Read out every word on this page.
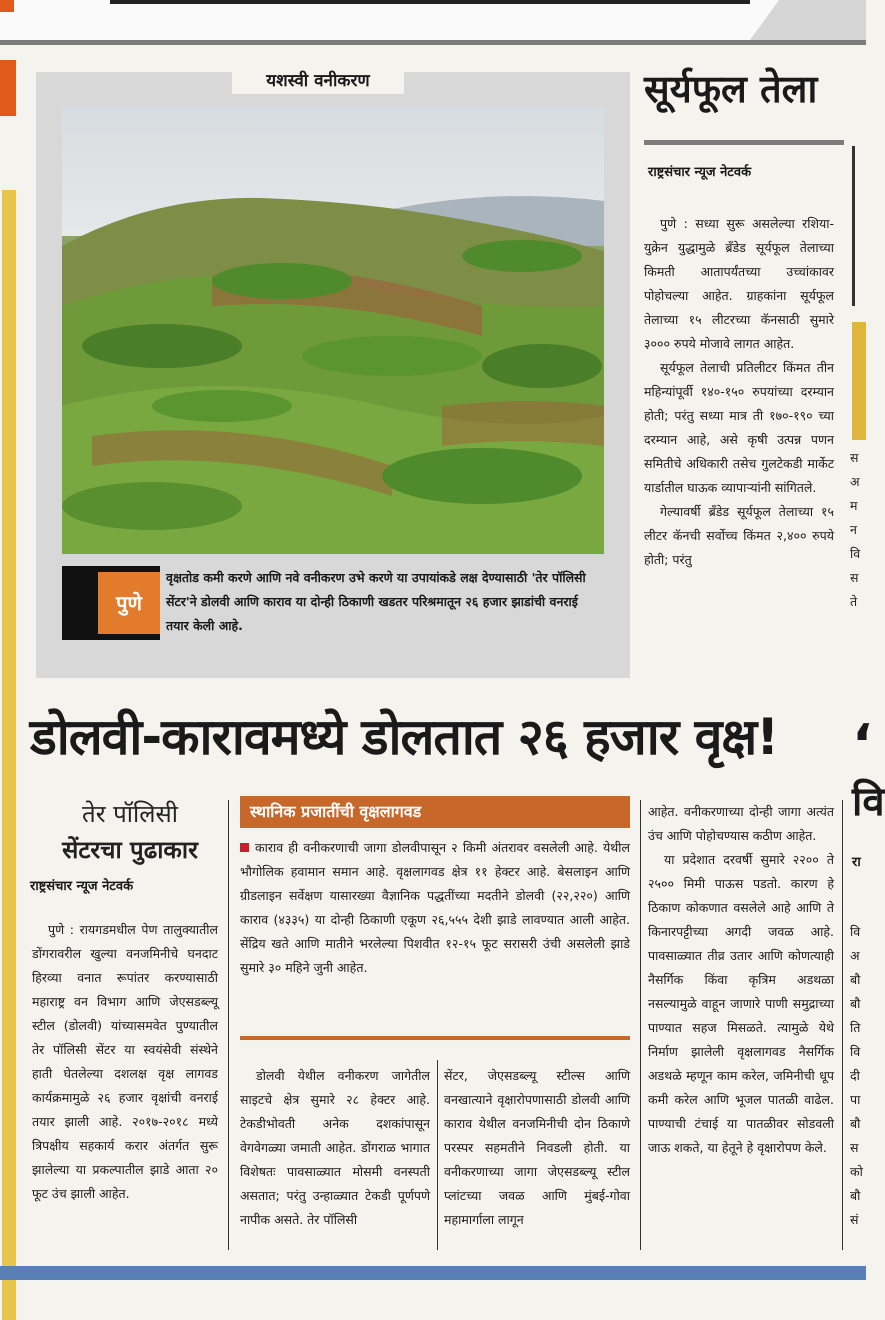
यशस्वी वनीकरण
पुणे
वृक्षतोड कमी करणे आणि नवे वनीकरण उभे करणे या उपायांकडे लक्ष देण्यासाठी 'तेर पॉलिसी सेंटर'ने डोलवी आणि काराव या दोन्ही ठिकाणी खडतर परिश्रमातून २६ हजार झाडांची वनराई तयार केली आहे.
सूर्यफूल तेला
राष्ट्रसंचार न्यूज नेटवर्क

पुणे : सध्या सुरू असलेल्या रशिया-युक्रेन युद्धामुळे ब्रँडेड सूर्यफूल तेलाच्या किमती आतापर्यंतच्या उच्चांकावर पोहोचल्या आहेत. ग्राहकांना सूर्यफूल तेलाच्या १५ लीटरच्या कॅनसाठी सुमारे ३००० रुपये मोजावे लागत आहेत.

सूर्यफूल तेलाची प्रतिलीटर किंमत तीन महिन्यांपूर्वी १४०-१५० रुपयांच्या दरम्यान होती; परंतु सध्या मात्र ती १७०-१९० च्या दरम्यान आहे, असे कृषी उत्पन्न पणन समितीचे अधिकारी तसेच गुलटेकडी मार्केट यार्डातील घाऊक व्यापाऱ्यांनी सांगितले.

गेल्यावर्षी ब्रँडेड सूर्यफूल तेलाच्या १५ लीटर कॅनची सर्वोच्च किंमत २,४०० रुपये होती; परंतु

स
अ
म
न
वि
स
ते
डोलवी-कारावमध्ये डोलतात २६ हजार वृक्ष!	‘
तेर पॉलिसी
सेंटरचा पुढाकार
राष्ट्रसंचार न्यूज नेटवर्क

पुणे : रायगडमधील पेण तालुक्यातील डोंगरावरील खुल्या वनजमिनीचे घनदाट हिरव्या वनात रूपांतर करण्यासाठी महाराष्ट्र वन विभाग आणि जेएसडब्ल्यू स्टील (डोलवी) यांच्यासमवेत पुण्यातील तेर पॉलिसी सेंटर या स्वयंसेवी संस्थेने हाती घेतलेल्या दशलक्ष वृक्ष लागवड कार्यक्रमामुळे २६ हजार वृक्षांची वनराई तयार झाली आहे. २०१७-२०१८ मध्ये त्रिपक्षीय सहकार्य करार अंतर्गत सुरू झालेल्या या प्रकल्पातील झाडे आता २० फूट उंच झाली आहेत.

स्थानिक प्रजातींची वृक्षलागवड
काराव ही वनीकरणाची जागा डोलवीपासून २ किमी अंतरावर वसलेली आहे. येथील भौगोलिक हवामान समान आहे. वृक्षलागवड क्षेत्र ११ हेक्टर आहे. बेसलाइन आणि ग्रीडलाइन सर्वेक्षण यासारख्या वैज्ञानिक पद्धतींच्या मदतीने डोलवी (२२,२२०) आणि काराव (४३३५) या दोन्ही ठिकाणी एकूण २६,५५५ देशी झाडे लावण्यात आली आहेत. सेंद्रिय खते आणि मातीने भरलेल्या पिशवीत १२-१५ फूट सरासरी उंची असलेली झाडे सुमारे ३० महिने जुनी आहेत.

डोलवी येथील वनीकरण जागेतील साइटचे क्षेत्र सुमारे २८ हेक्टर आहे. टेकडीभोवती अनेक दशकांपासून वेगवेगळ्या जमाती आहेत. डोंगराळ भागात विशेषतः पावसाळ्यात मोसमी वनस्पती असतात; परंतु उन्हाळ्यात टेकडी पूर्णपणे नापीक असते. तेर पॉलिसी

सेंटर, जेएसडब्ल्यू स्टील्स आणि वनखात्याने वृक्षारोपणासाठी डोलवी आणि काराव येथील वनजमिनीची दोन ठिकाणे परस्पर सहमतीने निवडली होती. या वनीकरणाच्या जागा जेएसडब्ल्यू स्टील प्लांटच्या जवळ आणि मुंबई-गोवा महामार्गाला लागून

आहेत. वनीकरणाच्या दोन्ही जागा अत्यंत उंच आणि पोहोचण्यास कठीण आहेत.

या प्रदेशात दरवर्षी सुमारे २२०० ते २५०० मिमी पाऊस पडतो. कारण हे ठिकाण कोकणात वसलेले आहे आणि ते किनारपट्टीच्या अगदी जवळ आहे. पावसाळ्यात तीव्र उतार आणि कोणत्याही नैसर्गिक किंवा कृत्रिम अडथळा नसल्यामुळे वाहून जाणारे पाणी समुद्राच्या पाण्यात सहज मिसळते. त्यामुळे येथे निर्माण झालेली वृक्षलागवड नैसर्गिक अडथळे म्हणून काम करेल, जमिनीची धूप कमी करेल आणि भूजल पातळी वाढेल. पाण्याची टंचाई या पातळीवर सोडवली जाऊ शकते, या हेतूने हे वृक्षारोपण केले.

वि
रा
वि
अ
बौ
बौ
ति
वि
दी
पा
बौ
स
को
बौ
सं
